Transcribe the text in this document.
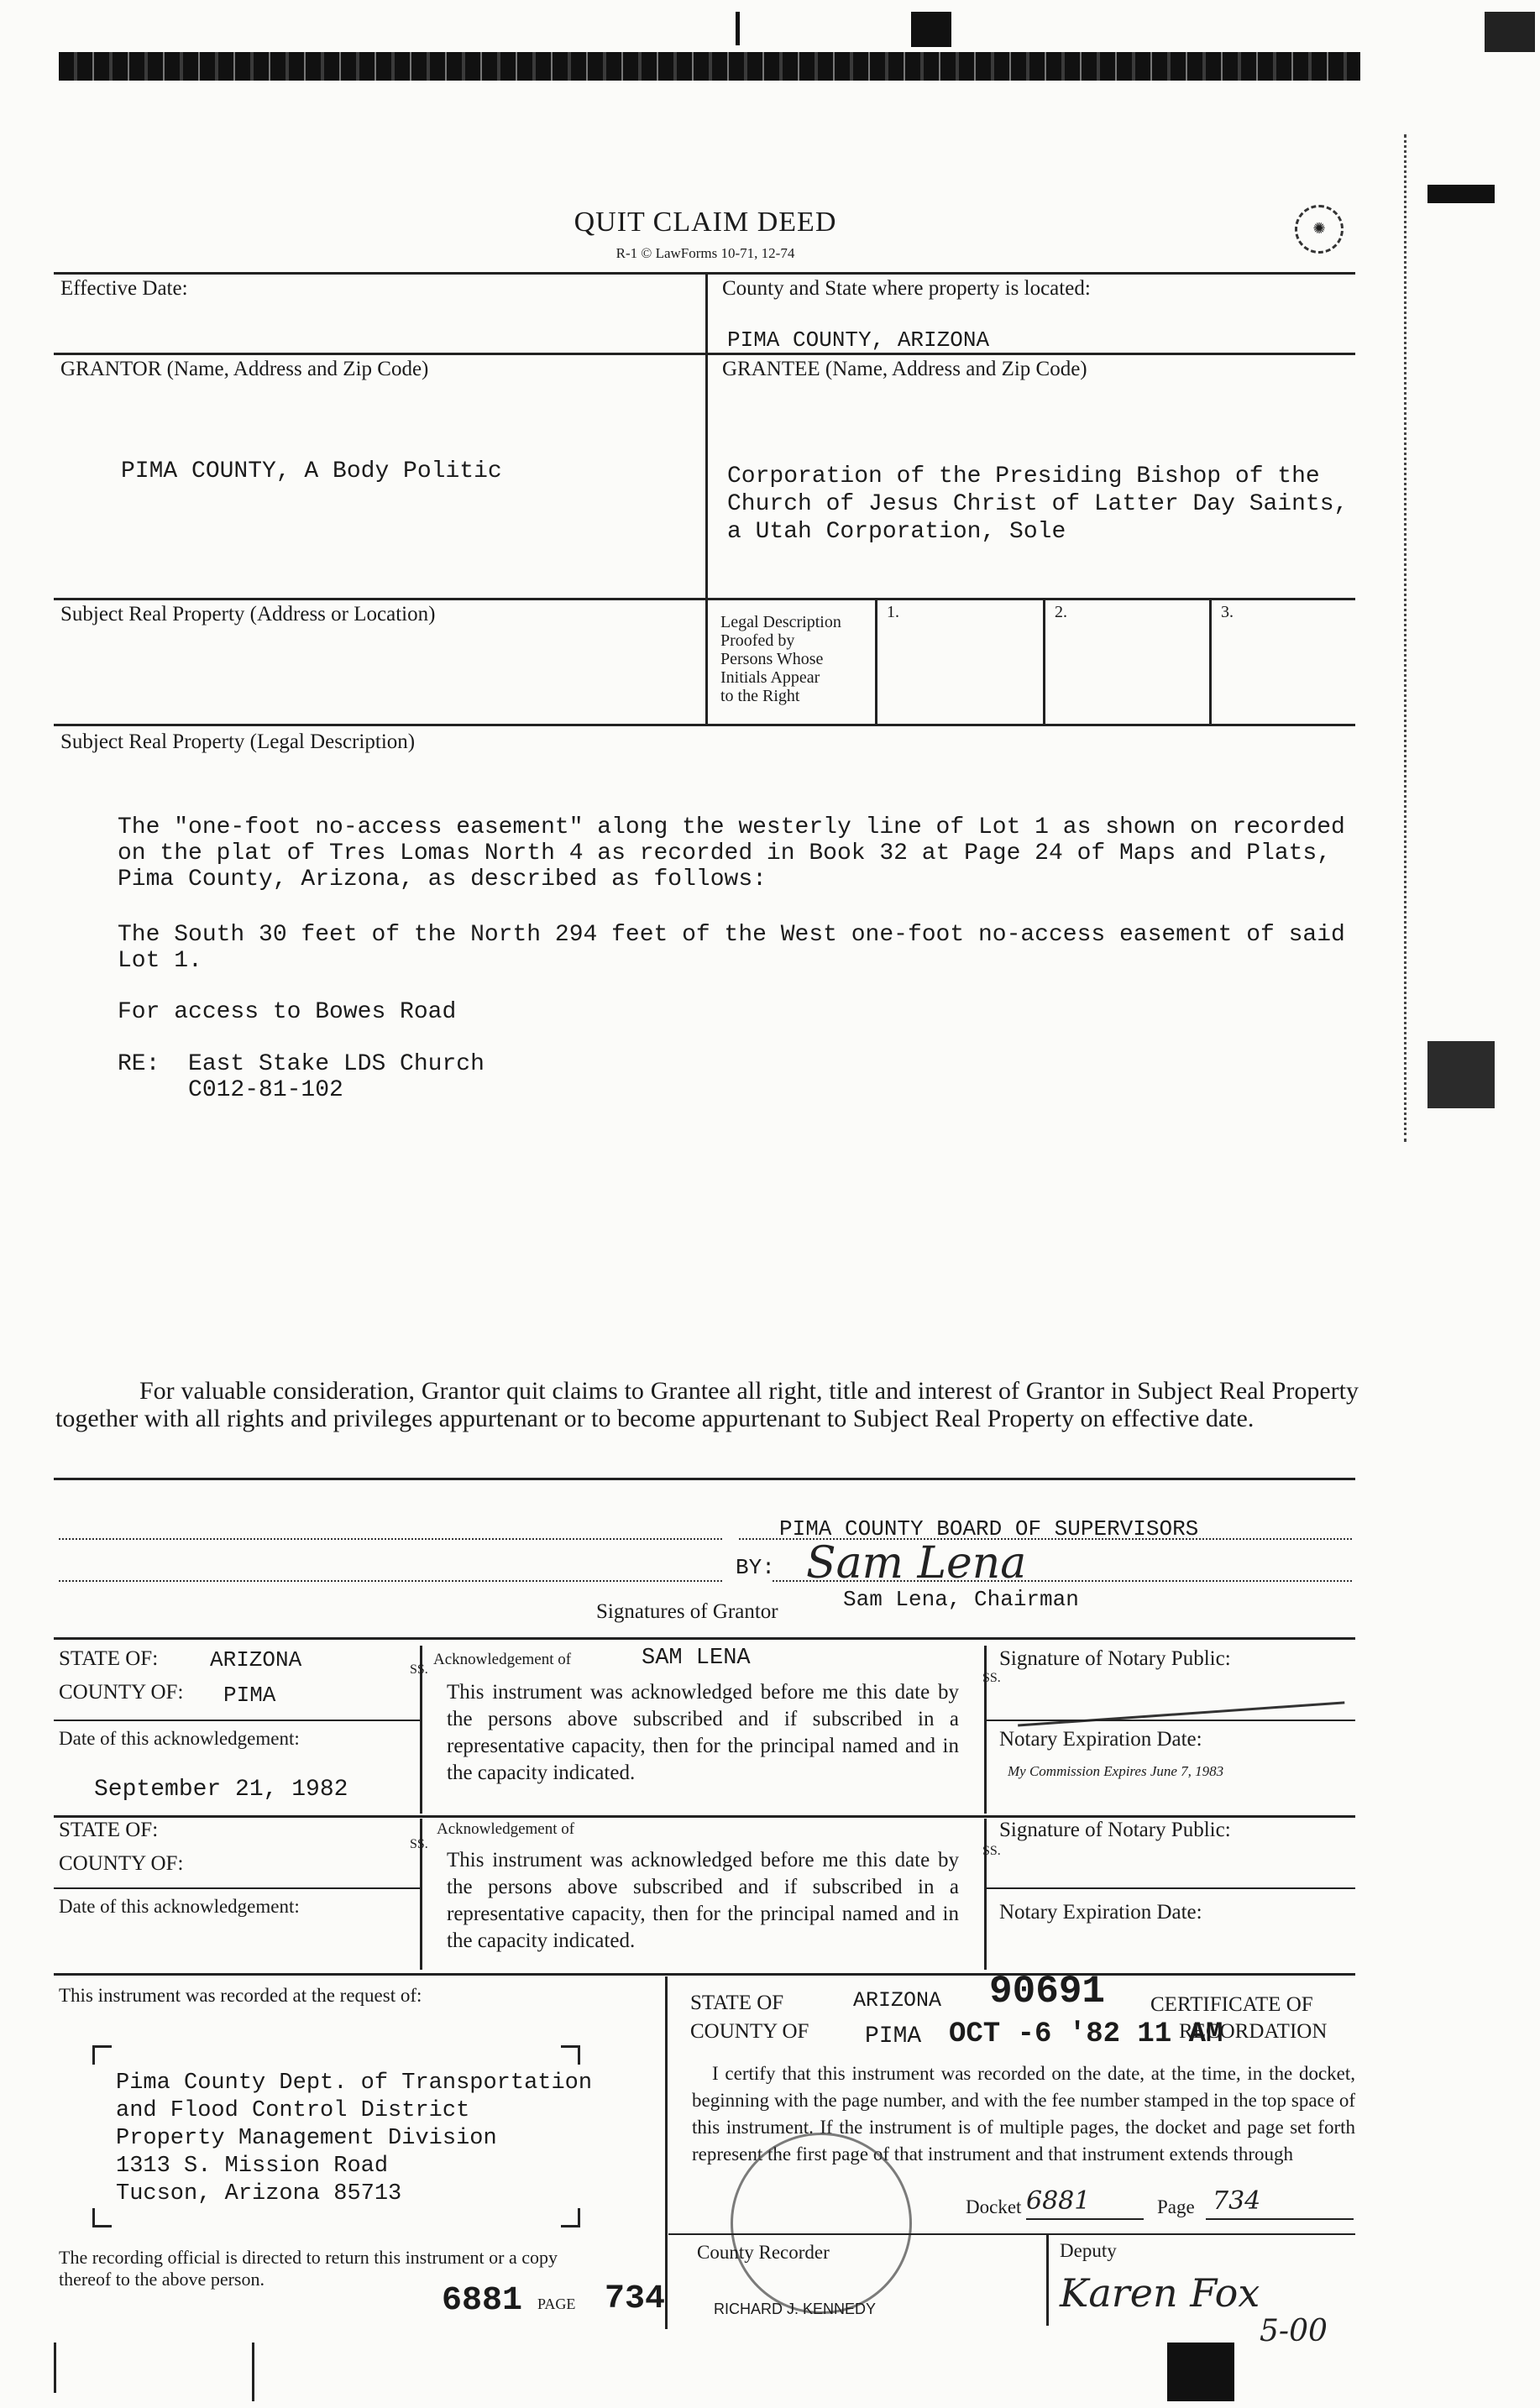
QUIT CLAIM DEED
R-1 © LawForms 10-71, 12-74
✺
Effective Date:	County and State where property is located:
PIMA COUNTY, ARIZONA
GRANTOR (Name, Address and Zip Code)	GRANTEE (Name, Address and Zip Code)
PIMA COUNTY, A Body Politic	Corporation of the Presiding Bishop of the
Church of Jesus Christ of Latter Day Saints,
a Utah Corporation, Sole
Subject Real Property (Address or Location)	Legal Description
Proofed by
Persons Whose
Initials Appear
to the Right
1.	2.	3.
Subject Real Property (Legal Description)
The "one-foot no-access easement" along the westerly line of Lot 1 as shown on recorded
on the plat of Tres Lomas North 4 as recorded in Book 32 at Page 24 of Maps and Plats,
Pima County, Arizona, as described as follows:
The South 30 feet of the North 294 feet of the West one-foot no-access easement of said
Lot 1.
For access to Bowes Road
RE:  East Stake LDS Church
C012-81-102
For valuable consideration, Grantor quit claims to Grantee all right, title and interest of Grantor in Subject Real Property together with all rights and privileges appurtenant or to become appurtenant to Subject Real Property on effective date.
PIMA COUNTY BOARD OF SUPERVISORS
BY: Sam Lena
Sam Lena, Chairman
Signatures of Grantor
STATE OF: ARIZONA
COUNTY OF: PIMA
Date of this acknowledgement:
September 21, 1982
SS.
Acknowledgement of	SAM LENA
This instrument was acknowledged before me this date by the persons above subscribed and if subscribed in a representative capacity, then for the principal named and in the capacity indicated.
Signature of Notary Public:
SS.
Notary Expiration Date:
My Commission Expires June 7, 1983
STATE OF:
COUNTY OF:
Date of this acknowledgement:
SS.
Acknowledgement of
This instrument was acknowledged before me this date by the persons above subscribed and if subscribed in a representative capacity, then for the principal named and in the capacity indicated.
Signature of Notary Public:
SS.
Notary Expiration Date:
This instrument was recorded at the request of:
Pima County Dept. of Transportation
and Flood Control District
Property Management Division
1313 S. Mission Road
Tucson, Arizona 85713
The recording official is directed to return this instrument or a copy thereof to the above person.
6881 PAGE 734
STATE OF	ARIZONA 90691 CERTIFICATE OF
COUNTY OF PIMA OCT -6 '82 11 AM
RECORDATION
I certify that this instrument was recorded on the date, at the time, in the docket, beginning with the page number, and with the fee number stamped in the top space of this instrument. If the instrument is of multiple pages, the docket and page set forth represent the first page of that instrument and that instrument extends through
Docket 6881	Page 734
County Recorder
RICHARD J. KENNEDY
Deputy
Karen Fox
5-00
